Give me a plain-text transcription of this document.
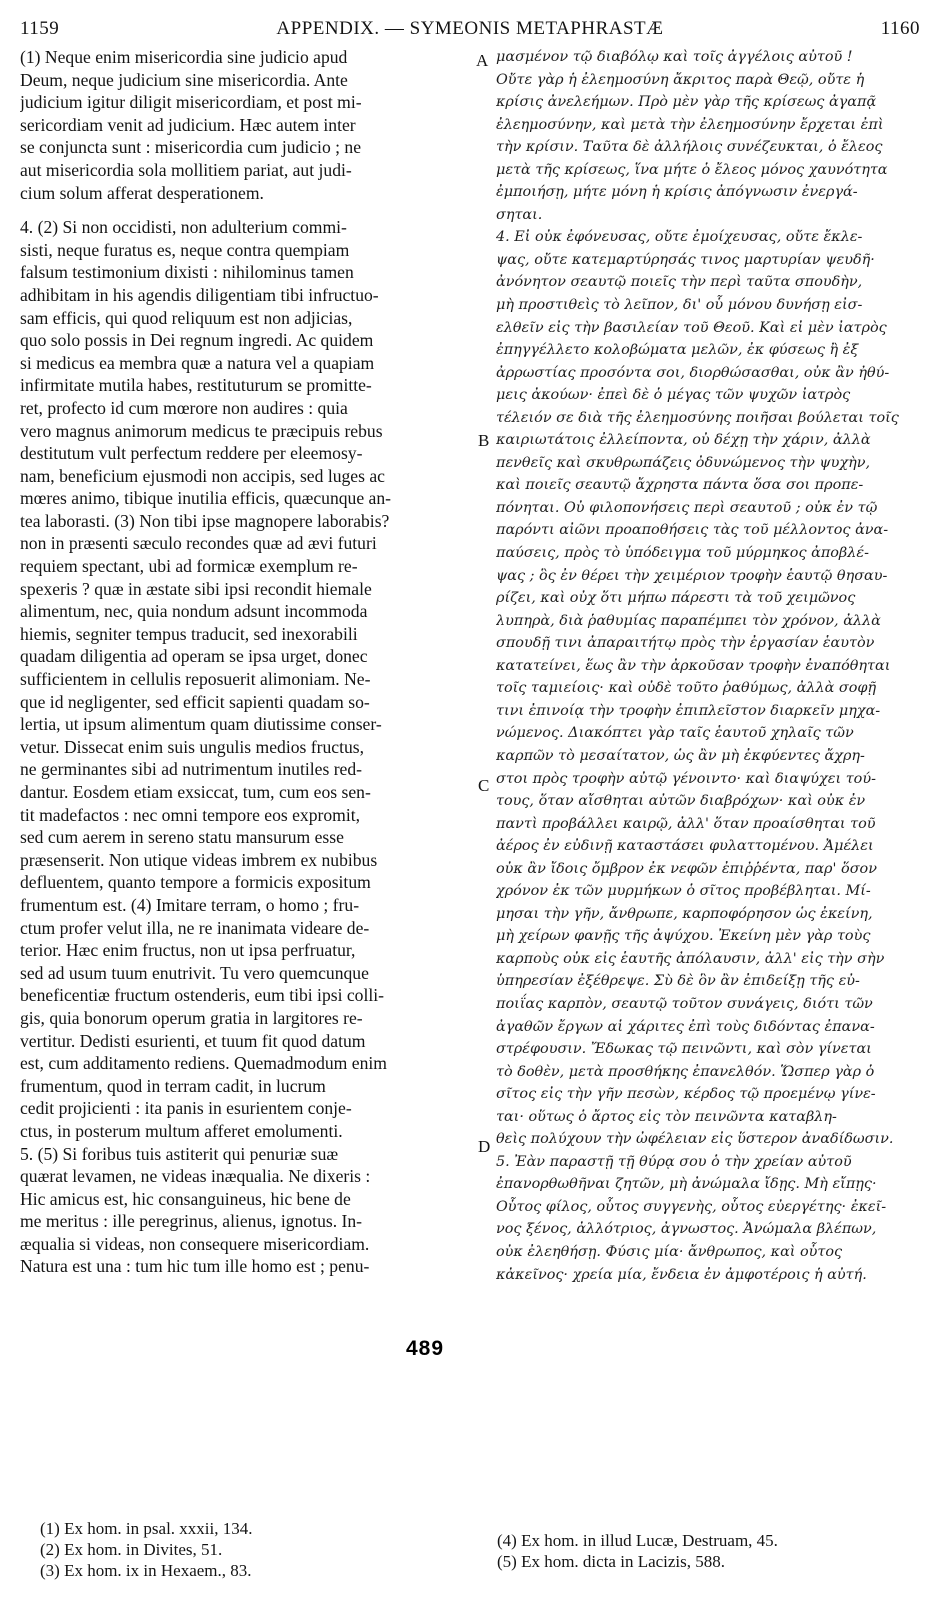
1159	APPENDIX. — SYMEONIS METAPHRASTÆ	1160
(1) Neque enim misericordia sine judicio apud
Deum, neque judicium sine misericordia. Ante
judicium igitur diligit misericordiam, et post mi-
sericordiam venit ad judicium. Hæc autem inter
se conjuncta sunt : misericordia cum judicio ; ne
aut misericordia sola mollitiem pariat, aut judi-
cium solum afferat desperationem.
4. (2) Si non occidisti, non adulterium commi-
sisti, neque furatus es, neque contra quempiam
falsum testimonium dixisti : nihilominus tamen
adhibitam in his agendis diligentiam tibi infructuo-
sam efficis, qui quod reliquum est non adjicias,
quo solo possis in Dei regnum ingredi. Ac quidem
si medicus ea membra quæ a natura vel a quapiam
infirmitate mutila habes, restituturum se promitte-
ret, profecto id cum mœrore non audires : quia
vero magnus animorum medicus te præcipuis rebus
destitutum vult perfectum reddere per eleemosy-
nam, beneficium ejusmodi non accipis, sed luges ac
mœres animo, tibique inutilia efficis, quæcunque an-
tea laborasti. (3) Non tibi ipse magnopere laborabis?
non in præsenti sæculo recondes quæ ad ævi futuri
requiem spectant, ubi ad formicæ exemplum re-
spexeris ? quæ in æstate sibi ipsi recondit hiemale
alimentum, nec, quia nondum adsunt incommoda
hiemis, segniter tempus traducit, sed inexorabili
quadam diligentia ad operam se ipsa urget, donec
sufficientem in cellulis reposuerit alimoniam. Ne-
que id negligenter, sed efficit sapienti quadam so-
lertia, ut ipsum alimentum quam diutissime conser-
vetur. Dissecat enim suis ungulis medios fructus,
ne germinantes sibi ad nutrimentum inutiles red-
dantur. Eosdem etiam exsiccat, tum, cum eos sen-
tit madefactos : nec omni tempore eos expromit,
sed cum aerem in sereno statu mansurum esse
præsenserit. Non utique videas imbrem ex nubibus
defluentem, quanto tempore a formicis expositum
frumentum est. (4) Imitare terram, o homo ; fru-
ctum profer velut illa, ne re inanimata videare de-
terior. Hæc enim fructus, non ut ipsa perfruatur,
sed ad usum tuum enutrivit. Tu vero quemcunque
beneficentiæ fructum ostenderis, eum tibi ipsi colli-
gis, quia bonorum operum gratia in largitores re-
vertitur. Dedisti esurienti, et tuum fit quod datum
est, cum additamento rediens. Quemadmodum enim
frumentum, quod in terram cadit, in lucrum
cedit projicienti : ita panis in esurientem conje-
ctus, in posterum multum afferet emolumenti.
5. (5) Si foribus tuis astiterit qui penuriæ suæ
quærat levamen, ne videas inæqualia. Ne dixeris :
Hic amicus est, hic consanguineus, hic bene de
me meritus : ille peregrinus, alienus, ignotus. In-
æqualia si videas, non consequere misericordiam.
Natura est una : tum hic tum ille homo est ; penu-
μασμένον τῷ διαβόλῳ καὶ τοῖς ἀγγέλοις αὐτοῦ !
Οὔτε γὰρ ἡ ἐλεημοσύνη ἄκριτος παρὰ Θεῷ, οὔτε ἡ
κρίσις ἀνελεήμων. Πρὸ μὲν γὰρ τῆς κρίσεως ἀγαπᾷ
ἐλεημοσύνην, καὶ μετὰ τὴν ἐλεημοσύνην ἔρχεται ἐπὶ
τὴν κρίσιν. Ταῦτα δὲ ἀλλήλοις συνέζευκται, ὁ ἔλεος
μετὰ τῆς κρίσεως, ἵνα μήτε ὁ ἔλεος μόνος χαυνότητα
ἐμποιήσῃ, μήτε μόνη ἡ κρίσις ἀπόγνωσιν ἐνεργά-
σηται.
4. Εἰ οὐκ ἐφόνευσας, οὔτε ἐμοίχευσας, οὔτε ἔκλε-
ψας, οὔτε κατεμαρτύρησάς τινος μαρτυρίαν ψευδῆ·
ἀνόνητον σεαυτῷ ποιεῖς τὴν περὶ ταῦτα σπουδὴν,
μὴ προστιθεὶς τὸ λεῖπον, δι' οὗ μόνου δυνήσῃ εἰσ-
ελθεῖν εἰς τὴν βασιλείαν τοῦ Θεοῦ. Καὶ εἰ μὲν ἰατρὸς
ἐπηγγέλλετο κολοβώματα μελῶν, ἐκ φύσεως ἢ ἐξ
ἀρρωστίας προσόντα σοι, διορθώσασθαι, οὐκ ἂν ἠθύ-
μεις ἀκούων· ἐπεὶ δὲ ὁ μέγας τῶν ψυχῶν ἰατρὸς
τέλειόν σε διὰ τῆς ἐλεημοσύνης ποιῆσαι βούλεται τοῖς
καιριωτάτοις ἐλλείποντα, οὐ δέχῃ τὴν χάριν, ἀλλὰ
πενθεῖς καὶ σκυθρωπάζεις ὀδυνώμενος τὴν ψυχὴν,
καὶ ποιεῖς σεαυτῷ ἄχρηστα πάντα ὅσα σοι προπε-
πόνηται. Οὐ φιλοπονήσεις περὶ σεαυτοῦ ; οὐκ ἐν τῷ
παρόντι αἰῶνι προαποθήσεις τὰς τοῦ μέλλοντος ἀνα-
παύσεις, πρὸς τὸ ὑπόδειγμα τοῦ μύρμηκος ἀποβλέ-
ψας ; ὃς ἐν θέρει τὴν χειμέριον τροφὴν ἑαυτῷ θησαυ-
ρίζει, καὶ οὐχ ὅτι μήπω πάρεστι τὰ τοῦ χειμῶνος
λυπηρὰ, διὰ ῥαθυμίας παραπέμπει τὸν χρόνον, ἀλλὰ
σπουδῇ τινι ἀπαραιτήτῳ πρὸς τὴν ἐργασίαν ἑαυτὸν
κατατείνει, ἕως ἂν τὴν ἀρκοῦσαν τροφὴν ἐναπόθηται
τοῖς ταμιείοις· καὶ οὐδὲ τοῦτο ῥαθύμως, ἀλλὰ σοφῇ
τινι ἐπινοίᾳ τὴν τροφὴν ἐπιπλεῖστον διαρκεῖν μηχα-
νώμενος. Διακόπτει γὰρ ταῖς ἑαυτοῦ χηλαῖς τῶν
καρπῶν τὸ μεσαίτατον, ὡς ἂν μὴ ἐκφύεντες ἄχρη-
στοι πρὸς τροφὴν αὐτῷ γένοιντο· καὶ διαψύχει τού-
τους, ὅταν αἴσθηται αὐτῶν διαβρόχων· καὶ οὐκ ἐν
παντὶ προβάλλει καιρῷ, ἀλλ' ὅταν προαίσθηται τοῦ
ἀέρος ἐν εὐδινῇ καταστάσει φυλαττομένου. Ἀμέλει
οὐκ ἂν ἴδοις ὄμβρον ἐκ νεφῶν ἐπιῤῥέντα, παρ' ὅσον
χρόνον ἐκ τῶν μυρμήκων ὁ σῖτος προβέβληται. Μί-
μησαι τὴν γῆν, ἄνθρωπε, καρποφόρησον ὡς ἐκείνη,
μὴ χείρων φανῇς τῆς ἀψύχου. Ἐκείνη μὲν γὰρ τοὺς
καρποὺς οὐκ εἰς ἑαυτῆς ἀπόλαυσιν, ἀλλ' εἰς τὴν σὴν
ὑπηρεσίαν ἐξέθρεψε. Σὺ δὲ ὃν ἂν ἐπιδείξῃ τῆς εὐ-
ποιΐας καρπὸν, σεαυτῷ τοῦτον συνάγεις, διότι τῶν
ἀγαθῶν ἔργων αἱ χάριτες ἐπὶ τοὺς διδόντας ἐπανα-
στρέφουσιν. Ἔδωκας τῷ πεινῶντι, καὶ σὸν γίνεται
τὸ δοθὲν, μετὰ προσθήκης ἐπανελθόν. Ὥσπερ γὰρ ὁ
σῖτος εἰς τὴν γῆν πεσὼν, κέρδος τῷ προεμένῳ γίνε-
ται· οὕτως ὁ ἄρτος εἰς τὸν πεινῶντα καταβλη-
θεὶς πολύχουν τὴν ὠφέλειαν εἰς ὕστερον ἀναδίδωσιν.
5. Ἐὰν παραστῇ τῇ θύρᾳ σου ὁ τὴν χρείαν αὐτοῦ
ἐπανορθωθῆναι ζητῶν, μὴ ἀνώμαλα ἴδῃς. Μὴ εἴπῃς·
Οὗτος φίλος, οὗτος συγγενὴς, οὗτος εὐεργέτης· ἐκεῖ-
νος ξένος, ἀλλότριος, ἀγνωστος. Ἀνώμαλα βλέπων,
οὐκ ἐλεηθήσῃ. Φύσις μία· ἄνθρωπος, καὶ οὗτος
κἀκεῖνος· χρεία μία, ἔνδεια ἐν ἀμφοτέροις ἡ αὐτή.
A
B
C
D
489
(1) Ex hom. in psal. xxxii, 134.
(2) Ex hom. in Divites, 51.
(3) Ex hom. ix in Hexaem., 83.
(4) Ex hom. in illud Lucæ, Destruam, 45.
(5) Ex hom. dicta in Lacizis, 588.
